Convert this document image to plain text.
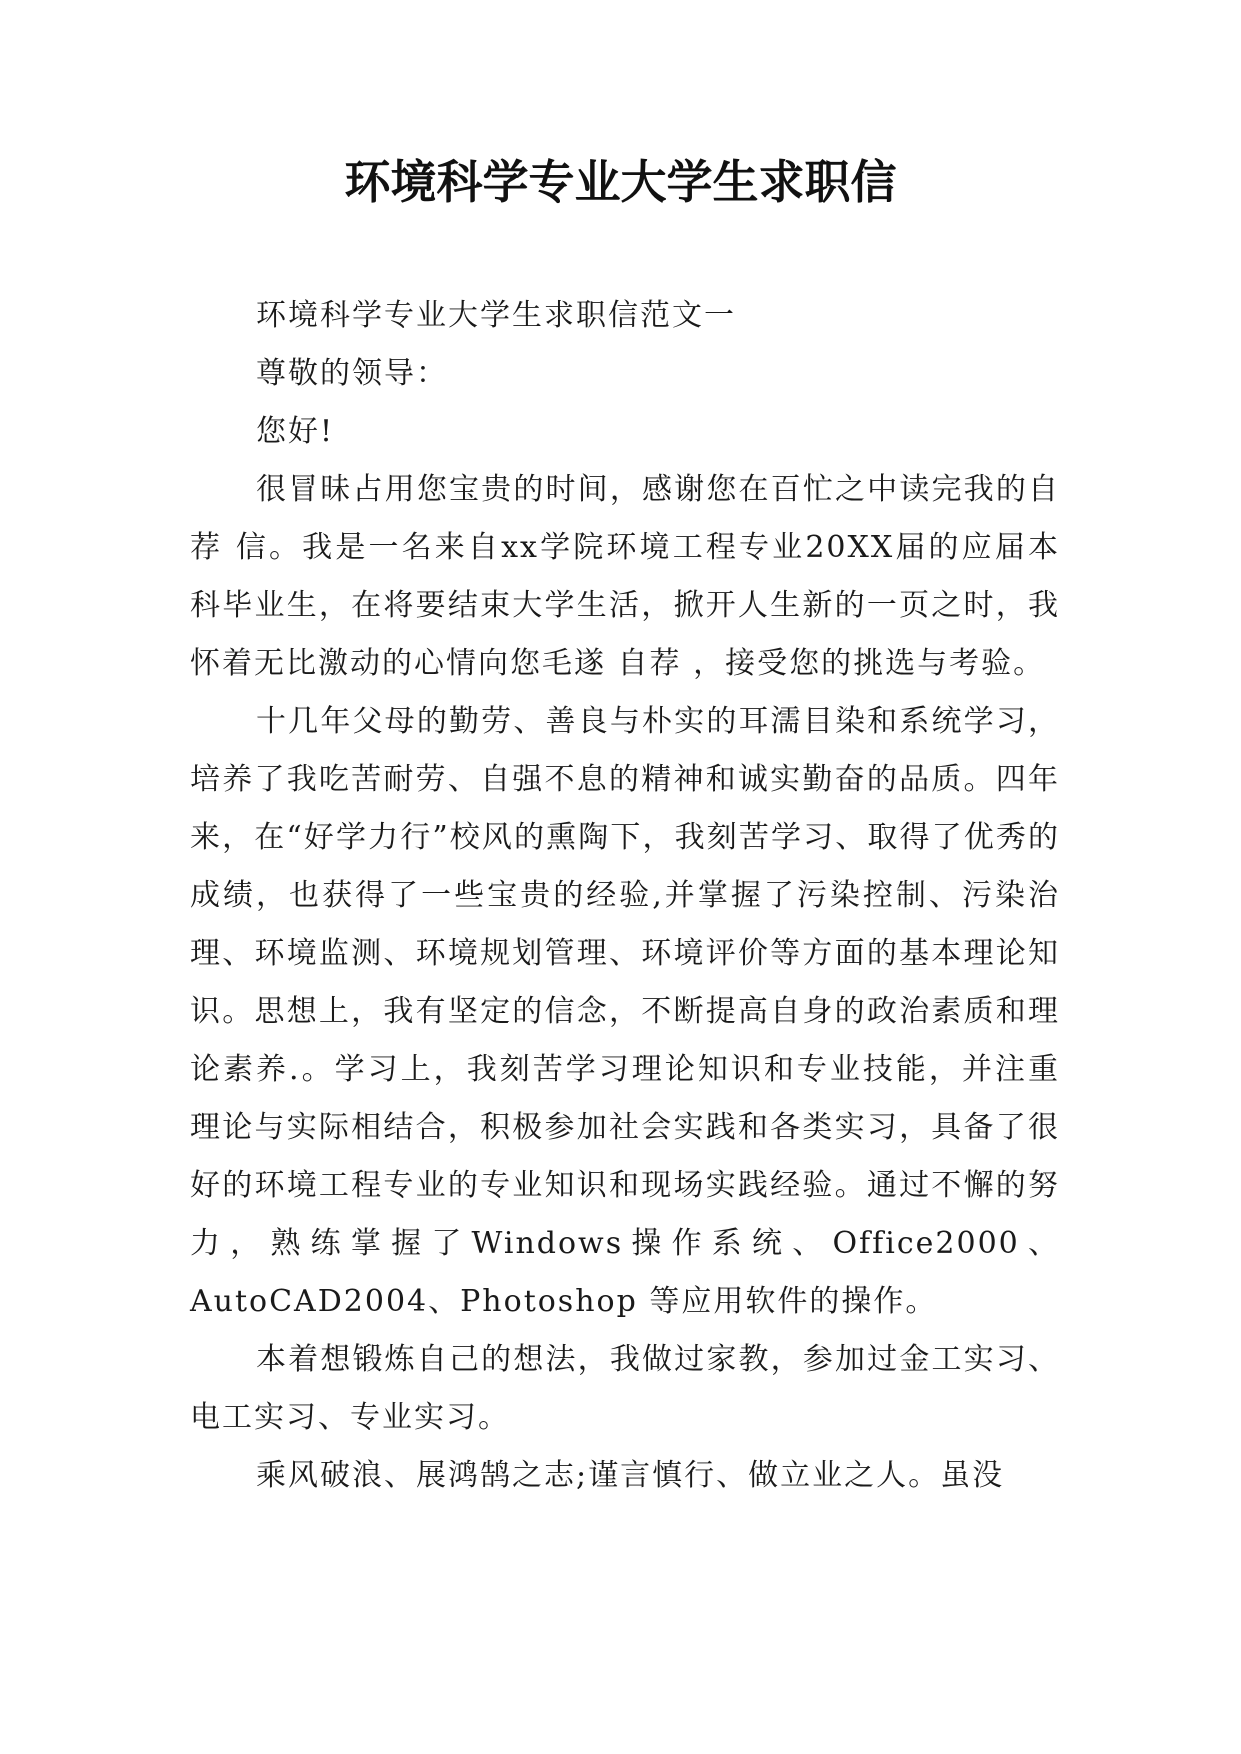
环境科学专业大学生求职信

环境科学专业大学生求职信范文一

尊敬的领导：

您好!

很冒昧占用您宝贵的时间，感谢您在百忙之中读完我的自荐 信。我是一名来自xx学院环境工程专业20XX届的应届本科毕业生，在将要结束大学生活，掀开人生新的一页之时，我怀着无比激动的心情向您毛遂 自荐 ，接受您的挑选与考验。

十几年父母的勤劳、善良与朴实的耳濡目染和系统学习，培养了我吃苦耐劳、自强不息的精神和诚实勤奋的品质。四年来，在“好学力行”校风的熏陶下，我刻苦学习、取得了优秀的成绩，也获得了一些宝贵的经验,并掌握了污染控制、污染治理、环境监测、环境规划管理、环境评价等方面的基本理论知识。思想上，我有坚定的信念，不断提高自身的政治素质和理论素养.。学习上，我刻苦学习理论知识和专业技能，并注重理论与实际相结合，积极参加社会实践和各类实习，具备了很好的环境工程专业的专业知识和现场实践经验。通过不懈的努力，熟练掌握了Windows操作系统、Office2000、AutoCAD2004、Photoshop 等应用软件的操作。

本着想锻炼自己的想法，我做过家教，参加过金工实习、电工实习、专业实习。

乘风破浪、展鸿鹄之志;谨言慎行、做立业之人。虽没
